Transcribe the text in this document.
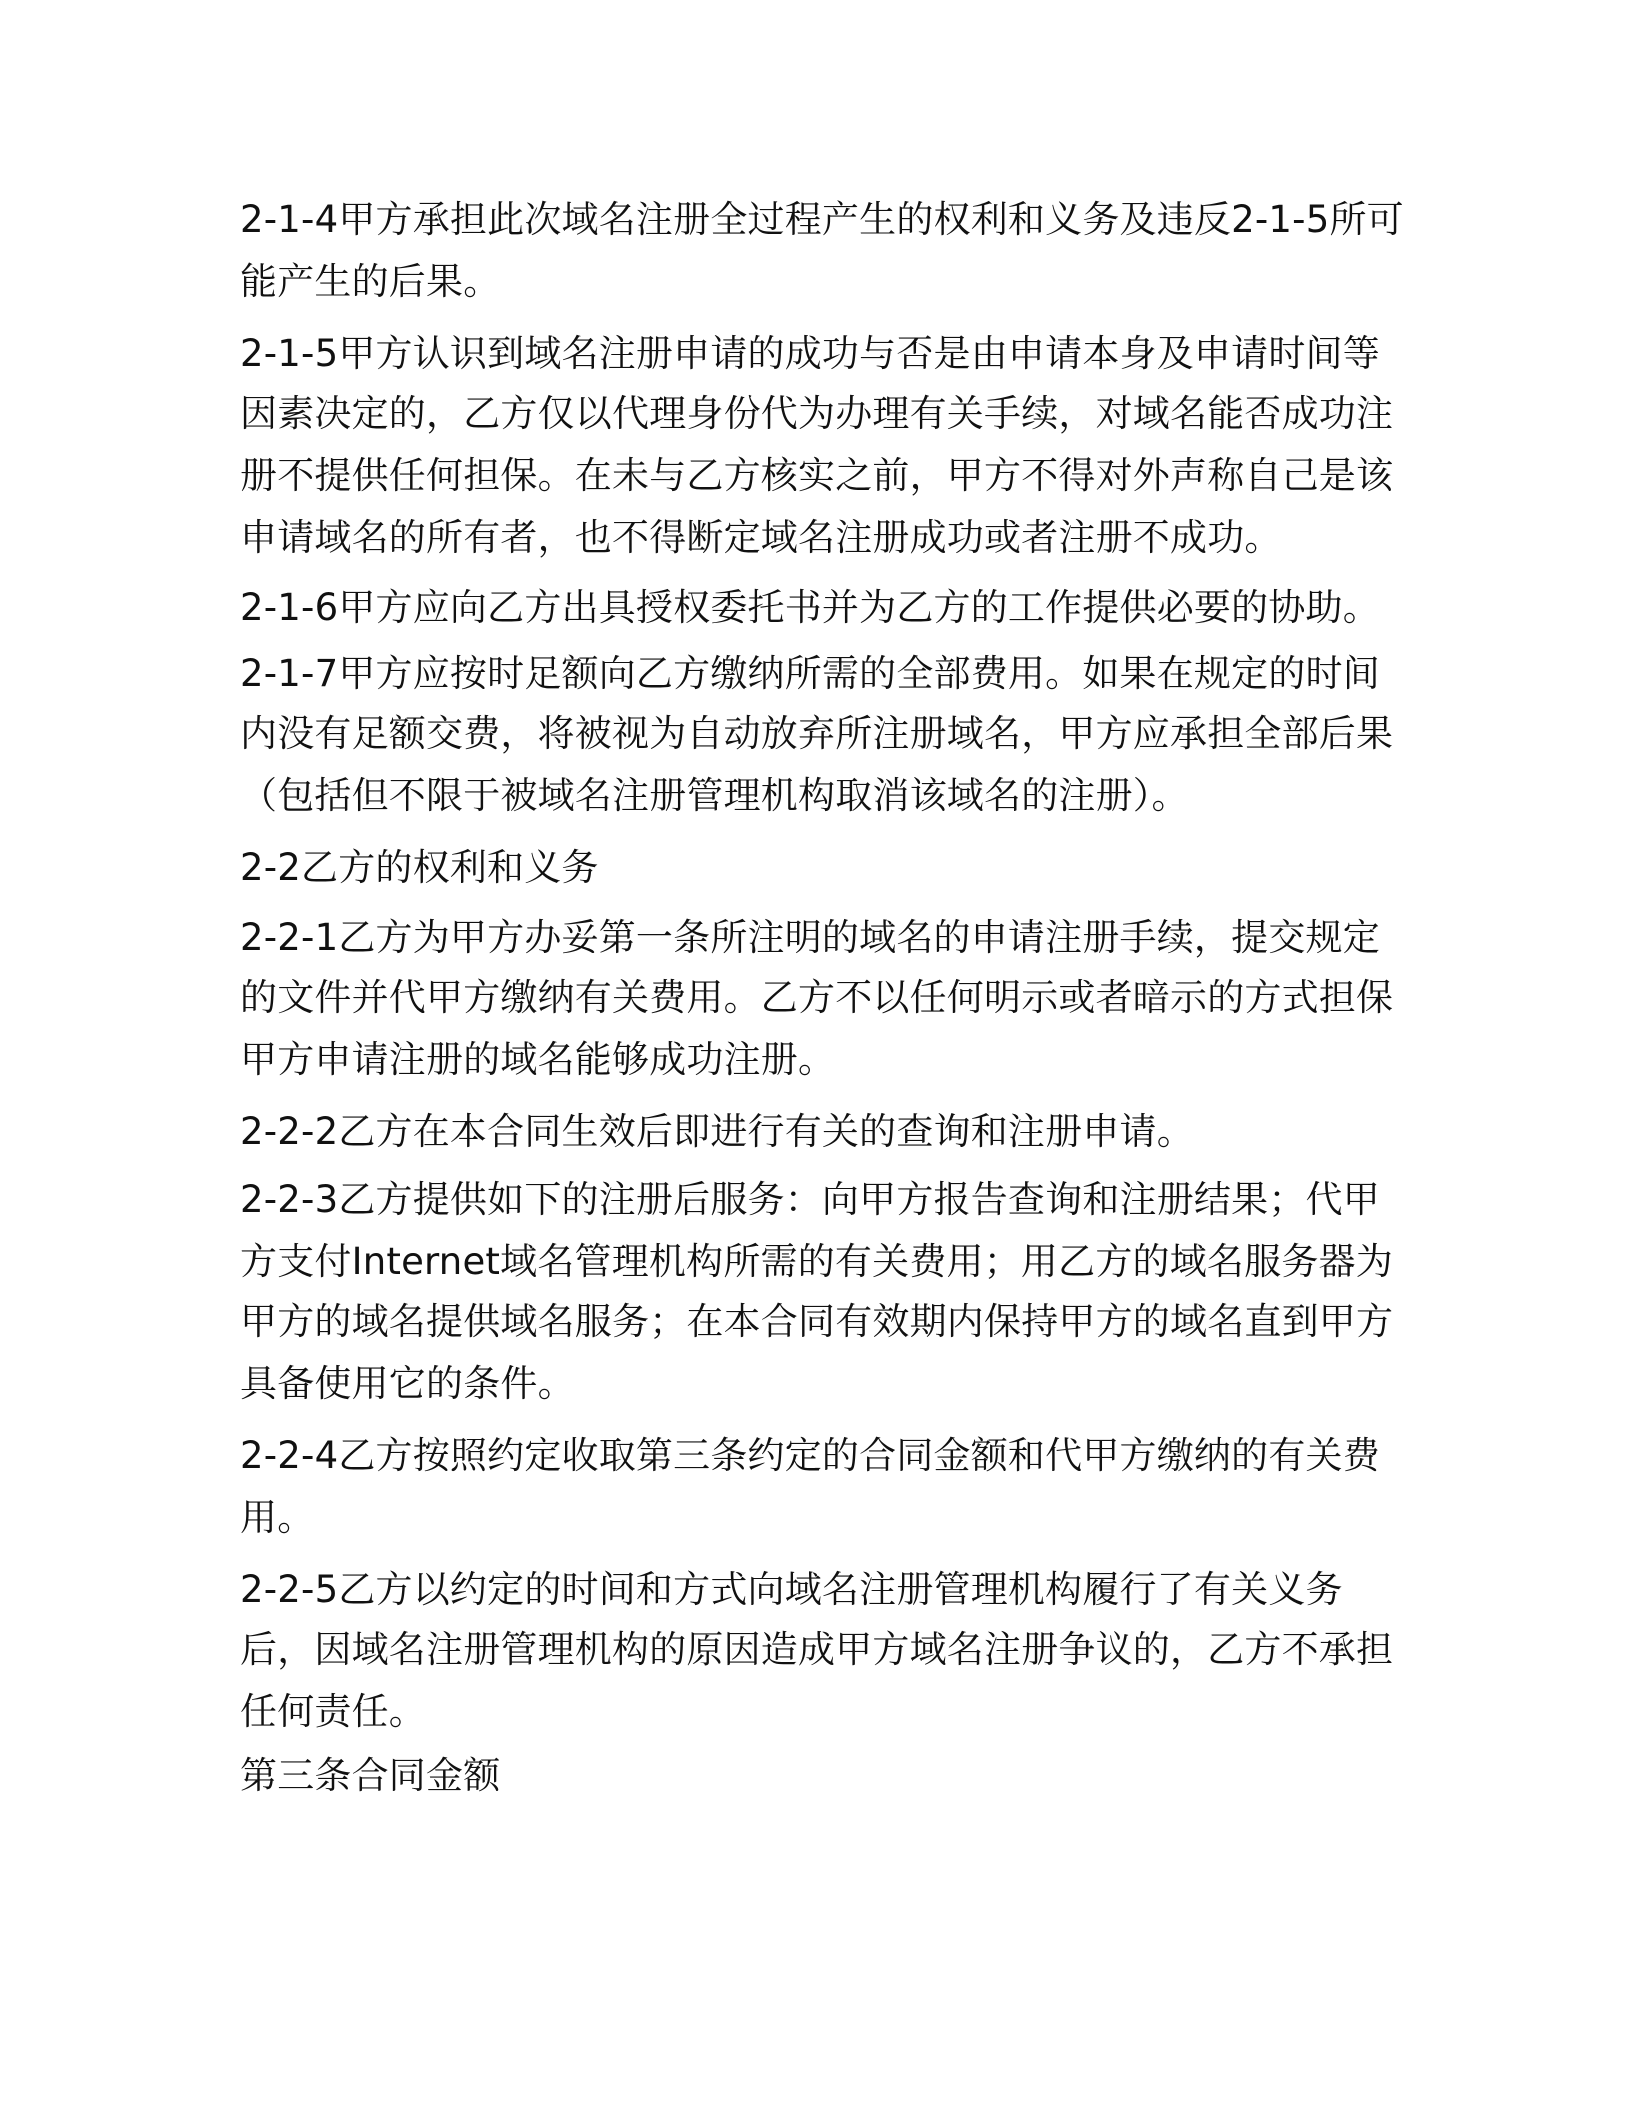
2-1-4甲方承担此次域名注册全过程产生的权利和义务及违反2-1-5所可
能产生的后果。
2-1-5甲方认识到域名注册申请的成功与否是由申请本身及申请时间等
因素决定的，乙方仅以代理身份代为办理有关手续，对域名能否成功注
册不提供任何担保。在未与乙方核实之前，甲方不得对外声称自己是该
申请域名的所有者，也不得断定域名注册成功或者注册不成功。
2-1-6甲方应向乙方出具授权委托书并为乙方的工作提供必要的协助。
2-1-7甲方应按时足额向乙方缴纳所需的全部费用。如果在规定的时间
内没有足额交费，将被视为自动放弃所注册域名，甲方应承担全部后果
（包括但不限于被域名注册管理机构取消该域名的注册）。
2-2乙方的权利和义务
2-2-1乙方为甲方办妥第一条所注明的域名的申请注册手续，提交规定
的文件并代甲方缴纳有关费用。乙方不以任何明示或者暗示的方式担保
甲方申请注册的域名能够成功注册。
2-2-2乙方在本合同生效后即进行有关的查询和注册申请。
2-2-3乙方提供如下的注册后服务：向甲方报告查询和注册结果；代甲
方支付Internet域名管理机构所需的有关费用；用乙方的域名服务器为
甲方的域名提供域名服务；在本合同有效期内保持甲方的域名直到甲方
具备使用它的条件。
2-2-4乙方按照约定收取第三条约定的合同金额和代甲方缴纳的有关费
用。
2-2-5乙方以约定的时间和方式向域名注册管理机构履行了有关义务
后，因域名注册管理机构的原因造成甲方域名注册争议的，乙方不承担
任何责任。
第三条合同金额
